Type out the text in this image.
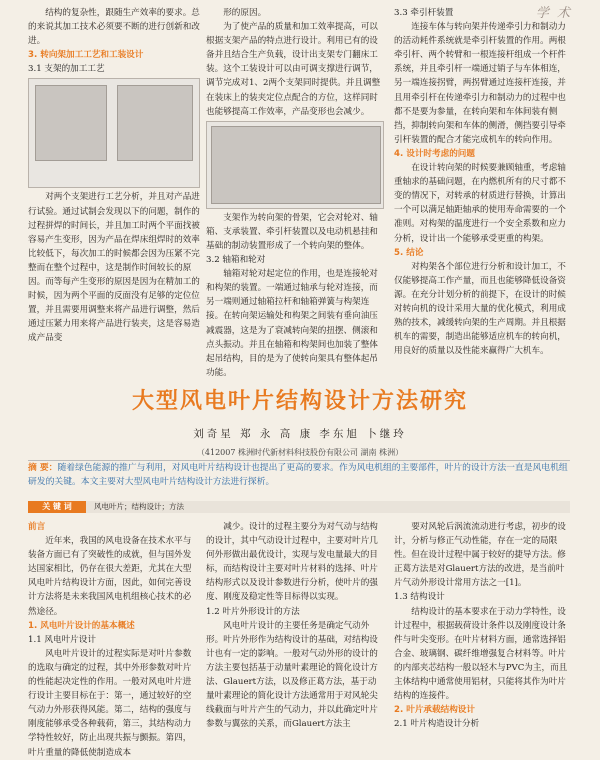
学 术

结构的复杂性，跟随生产效率的要求。总的来说其加工技术必须要不断的进行创新和改进。

3. 转向架加工工艺和工装设计

3.1 支架的加工工艺

对两个支架进行工艺分析，并且对产品进行试验。通过试制会发现以下的问题，制作的过程拼焊的时间长，并且加工时两个平面找被容易产生变形，因为产品在焊床组焊时的效率比较低下，每次加工的时候都会因为压紧不完整而在整个过程中，这是制作时间较长的原因。而等每产生变形的原因是因为在精加工的时候，因为两个平面的反面没有足够的定位位置，并且需要用调整来将产品进行调整，然后通过压紧力用来将产品进行装夹，这是容易造成产品变

形的原因。

为了使产品的质量和加工效率提高，可以根据支架产品的特点进行设计。利用已有的设备并且结合生产负载，设计出支架专门翻床工装。这个工装设计可以由可调支撑进行调节，调节完成对1、2两个支架同时提供。并且调整在装床上的装夹定位点配合的方位，这样同时也能够提高工作效率，产品变形也会减少。

支架作为转向架的骨架，它会对轮对、轴箱、支承装置、牵引杆装置以及电动机悬挂和基础的制动装置形成了一个转向架的整体。

3.2 轴箱和轮对

轴箱对轮对起定位的作用，也是连接轮对和构架的装置。一端通过轴承与轮对连接，而另一端则通过轴箱拉杆和轴箱弹簧与构架连接。在转向架运输处和构架之间装有垂向油压减震器，这是为了衰减转向架的扭摆、侧滚和点头振动。并且在轴箱和构架间也加装了整体起吊结构，目的是为了使转向架具有整体起吊功能。

3.3 牵引杆装置

连接车体与转向架并传递牵引力和制动力的活动耗件系统就是牵引杆装置的作用。两根牵引杆、两个转臂和一根连接杆组成一个杆件系统，并且牵引杆一端通过销子与车体相连，另一端连接拐臂，两拐臂通过连接杆连接，并且用牵引杆在传递牵引力和制动力的过程中也都不是要为参量，在转向架和车体间装有侧挡，抑制转向架和车体的侧滑，侧挡要引导牵引杆装置的配合才能完成机车的转向作用。

4. 设计时考虑的问题

在设计转向架的时候要兼顾轴重，考虑轴重轴求的基础问题，在内燃机所有的尺寸都不变的情况下，对转承的材质进行替换，计算出一个可以满足轴距轴承的使用寿命需要的一个准则。对构架的温度进行一个安全系数和应力分析，设计出一个能够承受更重的构架。

5. 结论

对构架各个部位进行分析和设计加工，不仅能够提高工作产量，而且也能够降低设备资源。在充分计划分析的前提下，在设计的时候对转向机的设计采用大量的优化模式，利用成熟的技术，减缓转向架的生产周期。并且根据机车的需要，制造出能够适应机车的转向机，用良好的质量以及性能来赢得广大机车。

大型风电叶片结构设计方法研究
刘奇星 郑 永 高 康 李东旭 卜继玲
（412007 株洲时代新材料科技股份有限公司 湖南 株洲）
摘 要：随着绿色能源的推广与利用，对风电叶片结构设计也提出了更高的要求。作为风电机组的主要部件，叶片的设计方法一直是风电机组研发的关键。本文主要对大型风电叶片结构设计方法进行探析。
关 键 词	风电叶片；结构设计；方法

前言

近年来，我国的风电设备在技术水平与装备方面已有了突破性的成就，但与国外发达国家相比，仍存在很大差距，尤其在大型风电叶片结构设计方面，因此，如何完善设计方法将是未来我国风电机组核心技术的必然途径。

1. 风电叶片设计的基本概述

1.1 风电叶片设计

风电叶片设计的过程实际是对叶片参数的选取与确定的过程，其中外形参数对叶片的性能起决定性的作用。一般对风电叶片进行设计主要目标在于：第一，通过较好的空气动力外形获得风能。第二，结构的强度与刚度能够承受各种载荷，第三，其结构动力学特性较好，防止出现共振与颤振。第四，叶片重量的降低使制造成本

减少。设计的过程主要分为对气动与结构的设计，其中气动设计过程中，主要对叶片几何外形做出最优设计，实现与发电量最大的目标，而结构设计主要对叶片材料的选择、叶片结构形式以及设计参数进行分析，使叶片的强度、刚度及稳定性等目标得以实现。

1.2 叶片外形设计的方法

风电叶片设计的主要任务是确定气动外形。叶片外形作为结构设计的基础，对结构设计也有一定的影响。一般对气动外形的设计的方法主要包括基于动量叶素理论的简化设计方法、Glauert方法，以及修正葛方法，基于动量叶素理论的简化设计方法通常用于对风轮尖线截面与叶片产生的气动力，并以此确定叶片参数与翼弦的关系，而Glauert方法主

要对风轮后涡流流动进行考虑，初步的设计，分析与修正气动性能，存在一定的局限性。但在设计过程中属于较好的捷导方法。修正葛方法是对Glauert方法的改进，是当前叶片气动外形设计常用方法之一[1]。

1.3 结构设计

结构设计的基本要求在于动力学特性，设计过程中，根据载荷设计条件以及刚度设计条件与叶尖变形。在叶片材料方面，通常选择铝合金、玻璃钢、碳纤维增强复合材料等。叶片的内部夹芯结构一般以轻木与PVC为主，而且主体结构中通常使用铝材，只能将其作为叶片结构的连接件。

2. 叶片承载结构设计

2.1 叶片构造设计分析
